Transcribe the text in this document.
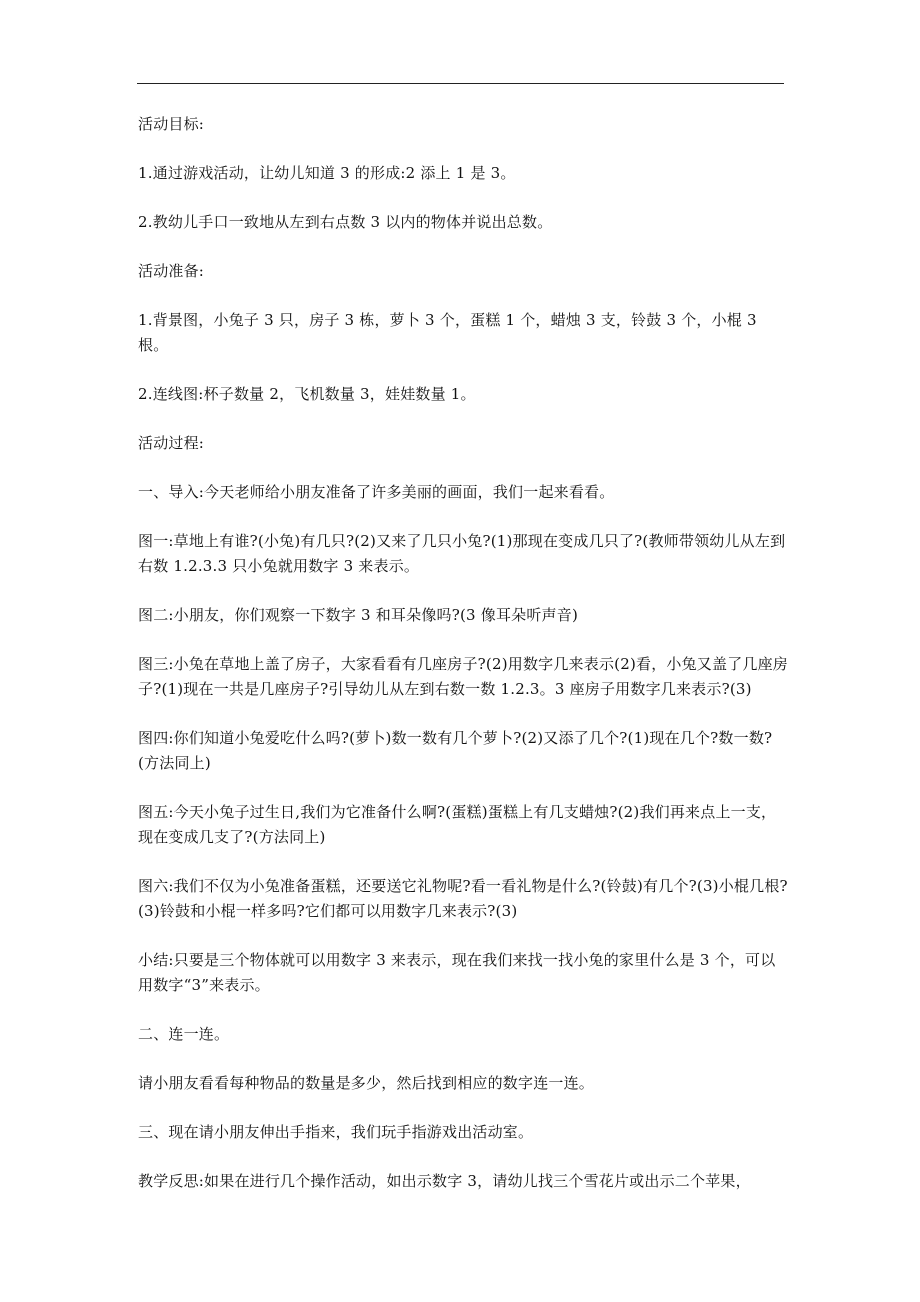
活动目标:

1.通过游戏活动，让幼儿知道 3 的形成:2 添上 1 是 3。

2.教幼儿手口一致地从左到右点数 3 以内的物体并说出总数。

活动准备:

1.背景图，小兔子 3 只，房子 3 栋，萝卜 3 个，蛋糕 1 个，蜡烛 3 支，铃鼓 3 个，小棍 3 根。

2.连线图:杯子数量 2，飞机数量 3，娃娃数量 1。

活动过程:

一、导入:今天老师给小朋友准备了许多美丽的画面，我们一起来看看。

图一:草地上有谁?(小兔)有几只?(2)又来了几只小兔?(1)那现在变成几只了?(教师带领幼儿从左到右数 1.2.3.3 只小兔就用数字 3 来表示。

图二:小朋友，你们观察一下数字 3 和耳朵像吗?(3 像耳朵听声音)

图三:小兔在草地上盖了房子，大家看看有几座房子?(2)用数字几来表示(2)看，小兔又盖了几座房子?(1)现在一共是几座房子?引导幼儿从左到右数一数 1.2.3。3 座房子用数字几来表示?(3)

图四:你们知道小兔爱吃什么吗?(萝卜)数一数有几个萝卜?(2)又添了几个?(1)现在几个?数一数?(方法同上)

图五:今天小兔子过生日,我们为它准备什么啊?(蛋糕)蛋糕上有几支蜡烛?(2)我们再来点上一支，现在变成几支了?(方法同上)

图六:我们不仅为小兔准备蛋糕，还要送它礼物呢?看一看礼物是什么?(铃鼓)有几个?(3)小棍几根?(3)铃鼓和小棍一样多吗?它们都可以用数字几来表示?(3)

小结:只要是三个物体就可以用数字 3 来表示，现在我们来找一找小兔的家里什么是 3 个，可以用数字“3”来表示。

二、连一连。

请小朋友看看每种物品的数量是多少，然后找到相应的数字连一连。

三、现在请小朋友伸出手指来，我们玩手指游戏出活动室。

教学反思:如果在进行几个操作活动，如出示数字 3，请幼儿找三个雪花片或出示二个苹果，
